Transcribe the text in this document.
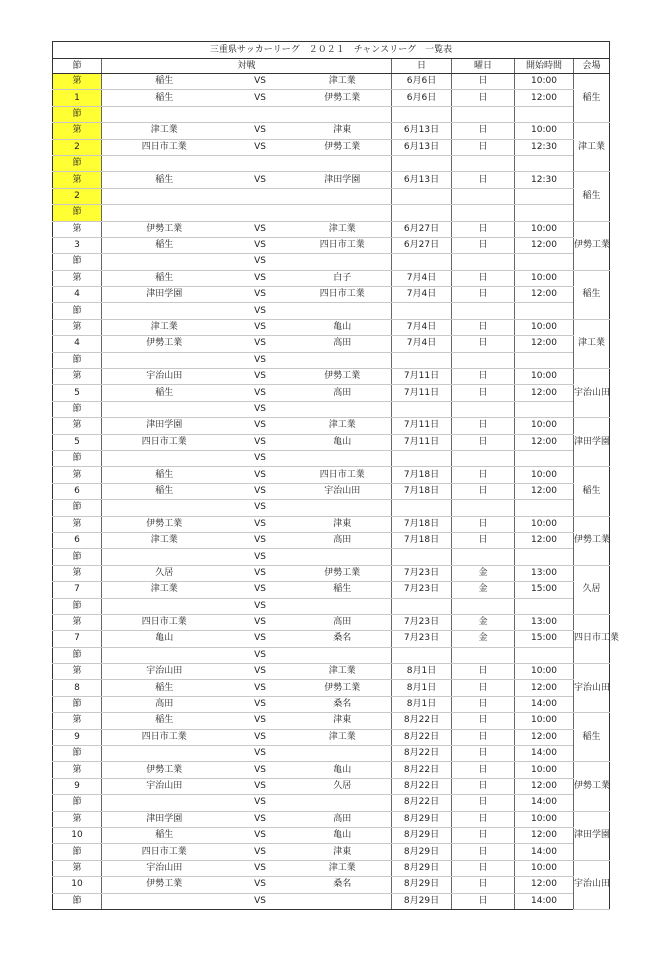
三重県サッカーリーグ　２０２１　チャンスリーグ　一覧表							
節	対戦			日	曜日	開始時間	会場
第	稲生	VS	津工業	6月6日	日	10:00	稲生
1	稲生	VS	伊勢工業	6月6日	日	12:00	
節							
第	津工業	VS	津東	6月13日	日	10:00	津工業
2	四日市工業	VS	伊勢工業	6月13日	日	12:30	
節							
第	稲生	VS	津田学園	6月13日	日	12:30	稲生
2							
節							
第	伊勢工業	VS	津工業	6月27日	日	10:00	伊勢工業
3	稲生	VS	四日市工業	6月27日	日	12:00	
節		VS					
第	稲生	VS	白子	7月4日	日	10:00	稲生
4	津田学園	VS	四日市工業	7月4日	日	12:00	
節		VS					
第	津工業	VS	亀山	7月4日	日	10:00	津工業
4	伊勢工業	VS	高田	7月4日	日	12:00	
節		VS					
第	宇治山田	VS	伊勢工業	7月11日	日	10:00	宇治山田
5	稲生	VS	高田	7月11日	日	12:00	
節		VS					
第	津田学園	VS	津工業	7月11日	日	10:00	津田学園
5	四日市工業	VS	亀山	7月11日	日	12:00	
節		VS					
第	稲生	VS	四日市工業	7月18日	日	10:00	稲生
6	稲生	VS	宇治山田	7月18日	日	12:00	
節		VS					
第	伊勢工業	VS	津東	7月18日	日	10:00	伊勢工業
6	津工業	VS	高田	7月18日	日	12:00	
節		VS					
第	久居	VS	伊勢工業	7月23日	金	13:00	久居
7	津工業	VS	稲生	7月23日	金	15:00	
節		VS					
第	四日市工業	VS	高田	7月23日	金	13:00	四日市工業
7	亀山	VS	桑名	7月23日	金	15:00	
節		VS					
第	宇治山田	VS	津工業	8月1日	日	10:00	宇治山田
8	稲生	VS	伊勢工業	8月1日	日	12:00	
節	高田	VS	桑名	8月1日	日	14:00	
第	稲生	VS	津東	8月22日	日	10:00	稲生
9	四日市工業	VS	津工業	8月22日	日	12:00	
節		VS		8月22日	日	14:00	
第	伊勢工業	VS	亀山	8月22日	日	10:00	伊勢工業
9	宇治山田	VS	久居	8月22日	日	12:00	
節		VS		8月22日	日	14:00	
第	津田学園	VS	高田	8月29日	日	10:00	津田学園
10	稲生	VS	亀山	8月29日	日	12:00	
節	四日市工業	VS	津東	8月29日	日	14:00	
第	宇治山田	VS	津工業	8月29日	日	10:00	宇治山田
10	伊勢工業	VS	桑名	8月29日	日	12:00	
節		VS		8月29日	日	14:00	
